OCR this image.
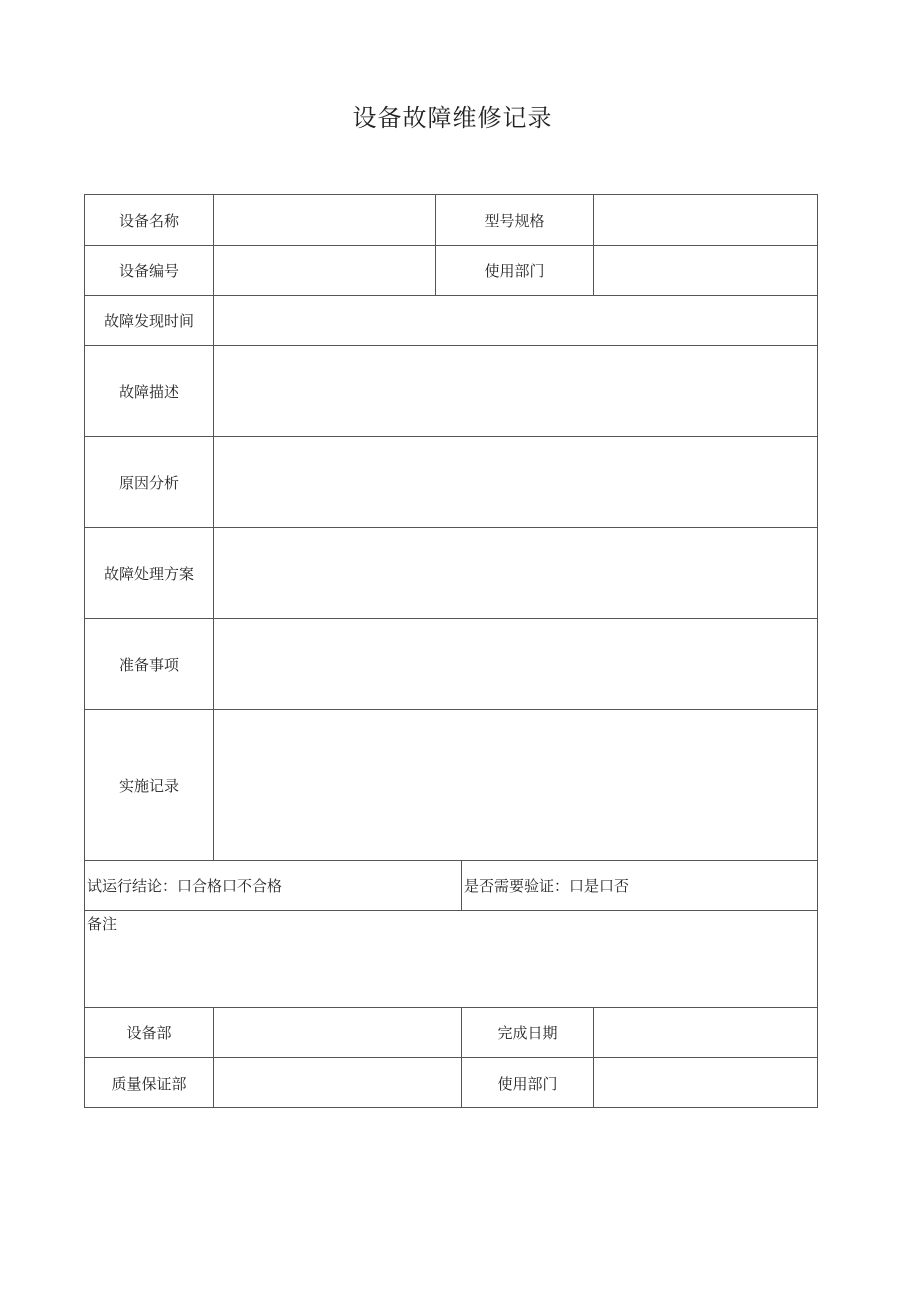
设备故障维修记录
设备名称	型号规格
设备编号	使用部门
故障发现时间
故障描述
原因分析
故障处理方案
准备事项
实施记录
试运行结论：口合格口不合格	是否需要验证：口是口否
备注
设备部	完成日期
质量保证部	使用部门
